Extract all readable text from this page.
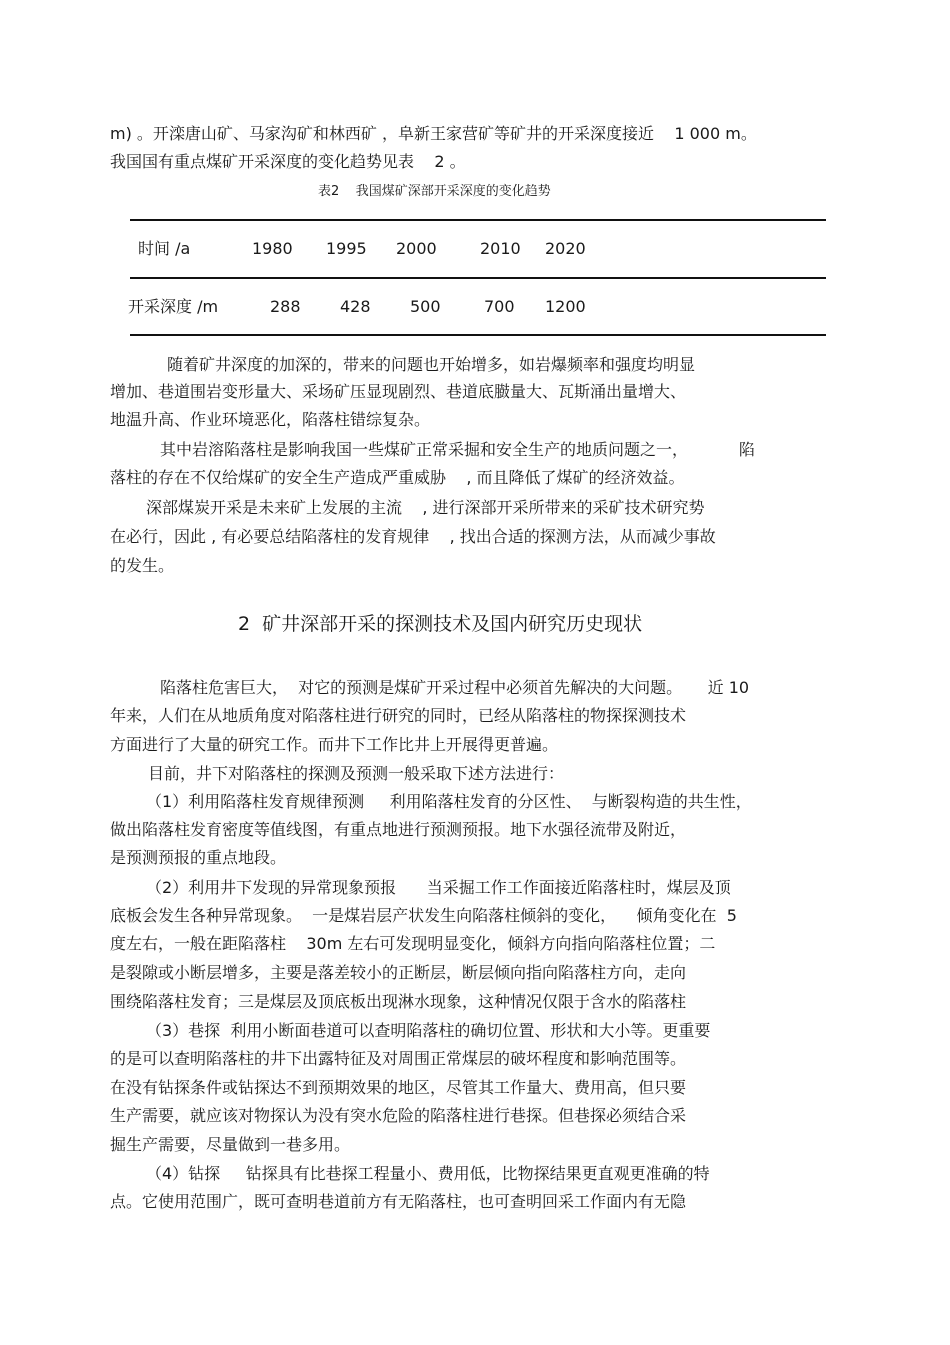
m) 。开滦唐山矿、马家沟矿和林西矿 ，阜新王家营矿等矿井的开采深度接近    1 000 m。
我国国有重点煤矿开采深度的变化趋势见表    2 。
表2    我国煤矿深部开采深度的变化趋势
时间 /a	1980 1995 2000	2010 2020
开采深度 /m	288 428 500	700 1200
随着矿井深度的加深的，带来的问题也开始增多，如岩爆频率和强度均明显
增加、巷道围岩变形量大、采场矿压显现剧烈、巷道底臌量大、瓦斯涌出量增大、
地温升高、作业环境恶化，陷落柱错综复杂。
其中岩溶陷落柱是影响我国一些煤矿正常采掘和安全生产的地质问题之一，          陷
落柱的存在不仅给煤矿的安全生产造成严重威胁    , 而且降低了煤矿的经济效益。
深部煤炭开采是未来矿上发展的主流    , 进行深部开采所带来的采矿技术研究势
在必行，因此 , 有必要总结陷落柱的发育规律    , 找出合适的探测方法，从而减少事故
的发生。
2  矿井深部开采的探测技术及国内研究历史现状
陷落柱危害巨大，  对它的预测是煤矿开采过程中必须首先解决的大问题。     近 10
年来，人们在从地质角度对陷落柱进行研究的同时，已经从陷落柱的物探探测技术
方面进行了大量的研究工作。而井下工作比井上开展得更普遍。
目前，井下对陷落柱的探测及预测一般采取下述方法进行：
（1）利用陷落柱发育规律预测     利用陷落柱发育的分区性、  与断裂构造的共生性，
做出陷落柱发育密度等值线图，有重点地进行预测预报。地下水强径流带及附近，
是预测预报的重点地段。
（2）利用井下发现的异常现象预报      当采掘工作工作面接近陷落柱时，煤层及顶
底板会发生各种异常现象。  一是煤岩层产状发生向陷落柱倾斜的变化，    倾角变化在  5
度左右，一般在距陷落柱    30m 左右可发现明显变化，倾斜方向指向陷落柱位置；二
是裂隙或小断层增多，主要是落差较小的正断层，断层倾向指向陷落柱方向，走向
围绕陷落柱发育；三是煤层及顶底板出现淋水现象，这种情况仅限于含水的陷落柱
（3）巷探  利用小断面巷道可以查明陷落柱的确切位置、形状和大小等。更重要
的是可以查明陷落柱的井下出露特征及对周围正常煤层的破坏程度和影响范围等。
在没有钻探条件或钻探达不到预期效果的地区，尽管其工作量大、费用高，但只要
生产需要，就应该对物探认为没有突水危险的陷落柱进行巷探。但巷探必须结合采
掘生产需要，尽量做到一巷多用。
（4）钻探     钻探具有比巷探工程量小、费用低，比物探结果更直观更准确的特
点。它使用范围广，既可查明巷道前方有无陷落柱，也可查明回采工作面内有无隐
